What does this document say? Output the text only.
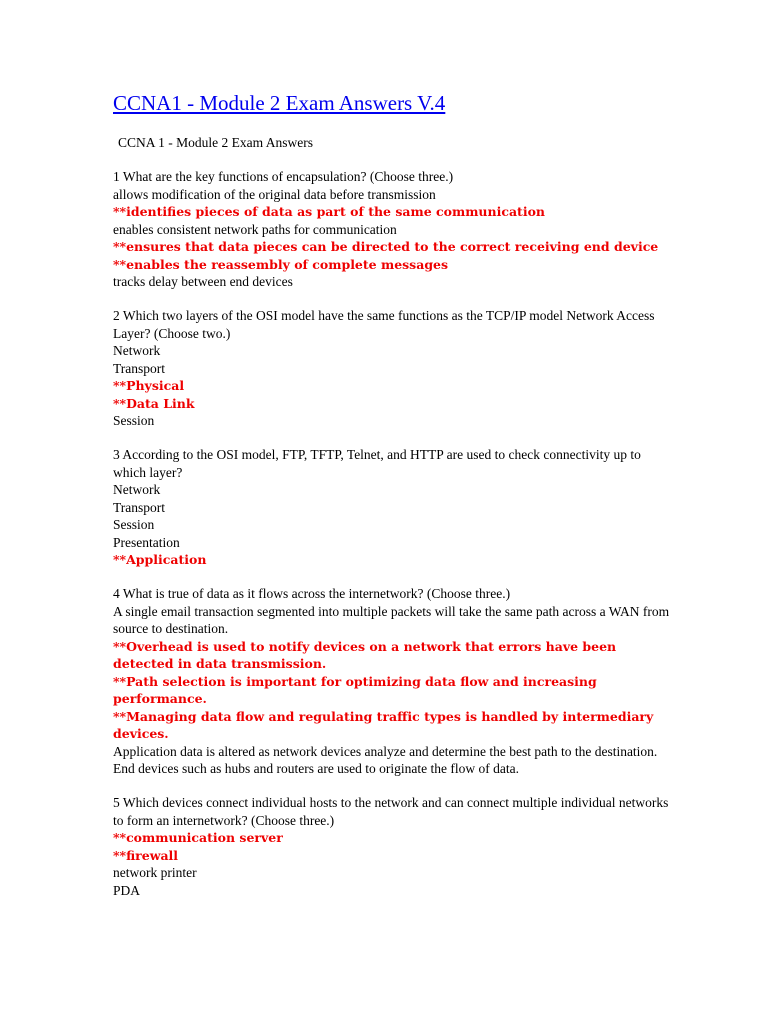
CCNA1 - Module 2 Exam Answers V.4
CCNA 1 - Module 2 Exam Answers
1 What are the key functions of encapsulation? (Choose three.)
allows modification of the original data before transmission
**identifies pieces of data as part of the same communication
enables consistent network paths for communication
**ensures that data pieces can be directed to the correct receiving end device
**enables the reassembly of complete messages
tracks delay between end devices
2 Which two layers of the OSI model have the same functions as the TCP/IP model Network Access Layer? (Choose two.)
Network
Transport
**Physical
**Data Link
Session
3 According to the OSI model, FTP, TFTP, Telnet, and HTTP are used to check connectivity up to which layer?
Network
Transport
Session
Presentation
**Application
4 What is true of data as it flows across the internetwork? (Choose three.)
A single email transaction segmented into multiple packets will take the same path across a WAN from source to destination.
**Overhead is used to notify devices on a network that errors have been detected in data transmission.
**Path selection is important for optimizing data flow and increasing performance.
**Managing data flow and regulating traffic types is handled by intermediary devices.
Application data is altered as network devices analyze and determine the best path to the destination.
End devices such as hubs and routers are used to originate the flow of data.
5 Which devices connect individual hosts to the network and can connect multiple individual networks to form an internetwork? (Choose three.)
**communication server
**firewall
network printer
PDA
